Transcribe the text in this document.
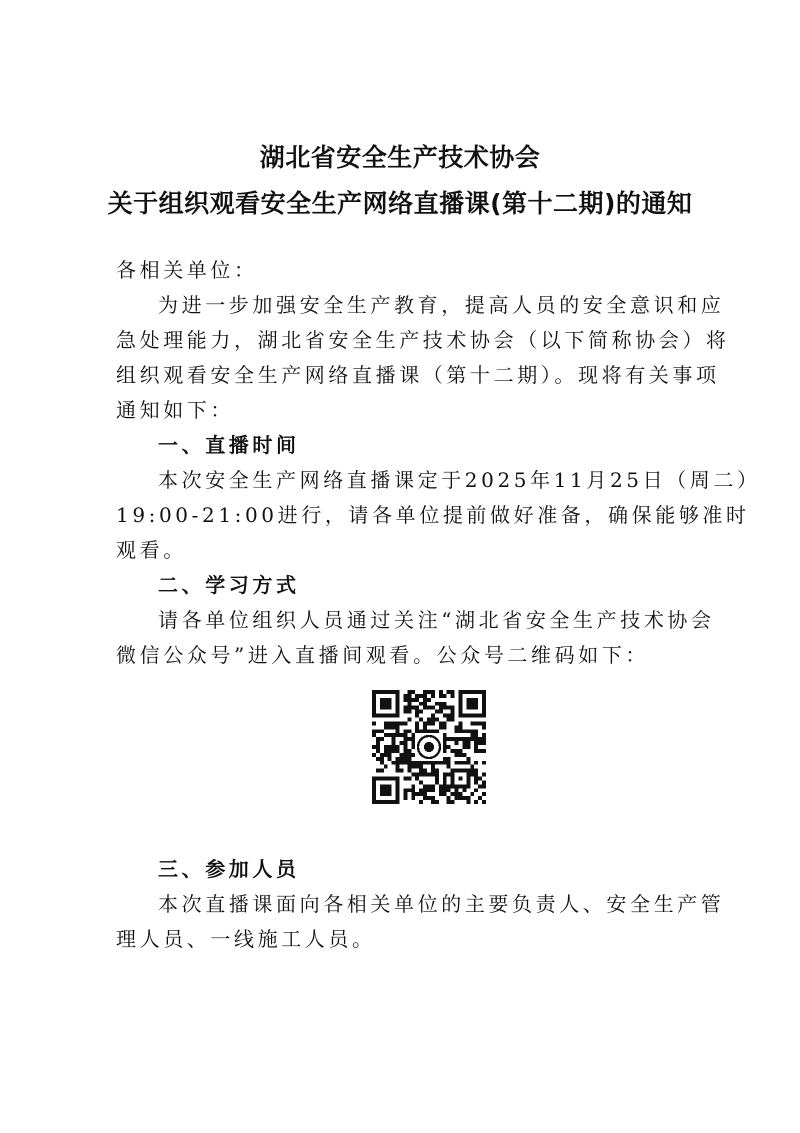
湖北省安全生产技术协会
关于组织观看安全生产网络直播课(第十二期)的通知
各相关单位：
为进一步加强安全生产教育，提高人员的安全意识和应
急处理能力，湖北省安全生产技术协会（以下简称协会）将
组织观看安全生产网络直播课（第十二期）。现将有关事项
通知如下：
一、直播时间
本次安全生产网络直播课定于2025年11月25日（周二）
19:00-21:00进行，请各单位提前做好准备，确保能够准时
观看。
二、学习方式
请各单位组织人员通过关注“湖北省安全生产技术协会
微信公众号”进入直播间观看。公众号二维码如下：
三、参加人员
本次直播课面向各相关单位的主要负责人、安全生产管
理人员、一线施工人员。
